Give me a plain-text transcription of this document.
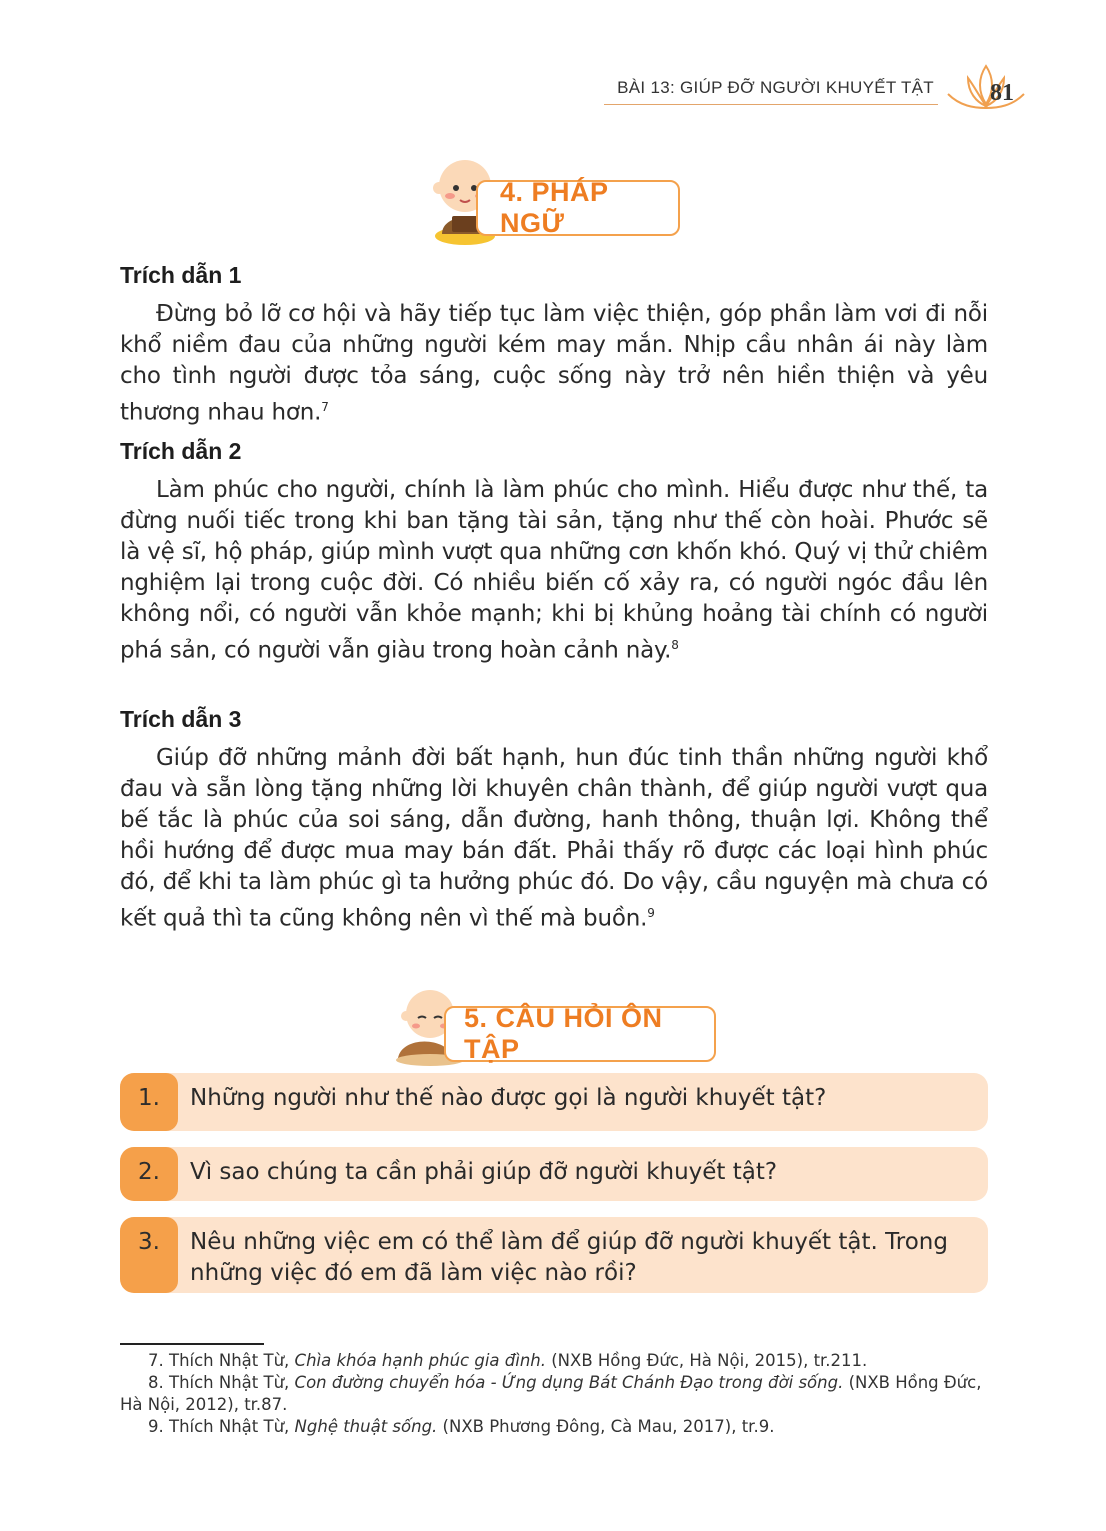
BÀI 13: GIÚP ĐỠ NGƯỜI KHUYẾT TẬT 81
4. PHÁP NGỮ

Trích dẫn 1

Đừng bỏ lỡ cơ hội và hãy tiếp tục làm việc thiện, góp phần làm vơi đi nỗi khổ niềm đau của những người kém may mắn. Nhịp cầu nhân ái này làm cho tình người được tỏa sáng, cuộc sống này trở nên hiền thiện và yêu thương nhau hơn.$^7$

Trích dẫn 2

Làm phúc cho người, chính là làm phúc cho mình. Hiểu được như thế, ta đừng nuối tiếc trong khi ban tặng tài sản, tặng như thế còn hoài. Phước sẽ là vệ sĩ, hộ pháp, giúp mình vượt qua những cơn khốn khó. Quý vị thử chiêm nghiệm lại trong cuộc đời. Có nhiều biến cố xảy ra, có người ngóc đầu lên không nổi, có người vẫn khỏe mạnh; khi bị khủng hoảng tài chính có người phá sản, có người vẫn giàu trong hoàn cảnh này.$^8$

Trích dẫn 3

Giúp đỡ những mảnh đời bất hạnh, hun đúc tinh thần những người khổ đau và sẵn lòng tặng những lời khuyên chân thành, để giúp người vượt qua bế tắc là phúc của soi sáng, dẫn đường, hanh thông, thuận lợi. Không thể hồi hướng để được mua may bán đất. Phải thấy rõ được các loại hình phúc đó, để khi ta làm phúc gì ta hưởng phúc đó. Do vậy, cầu nguyện mà chưa có kết quả thì ta cũng không nên vì thế mà buồn.$^9$

5. CÂU HỎI ÔN TẬP
1.	Những người như thế nào được gọi là người khuyết tật?
2.	Vì sao chúng ta cần phải giúp đỡ người khuyết tật?
3.	Nêu những việc em có thể làm để giúp đỡ người khuyết tật. Trong những việc đó em đã làm việc nào rồi?

7. Thích Nhật Từ, Chìa khóa hạnh phúc gia đình. (NXB Hồng Đức, Hà Nội, 2015), tr.211.

8. Thích Nhật Từ, Con đường chuyển hóa - Ứng dụng Bát Chánh Đạo trong đời sống. (NXB Hồng Đức, Hà Nội, 2012), tr.87.

9. Thích Nhật Từ, Nghệ thuật sống. (NXB Phương Đông, Cà Mau, 2017), tr.9.
